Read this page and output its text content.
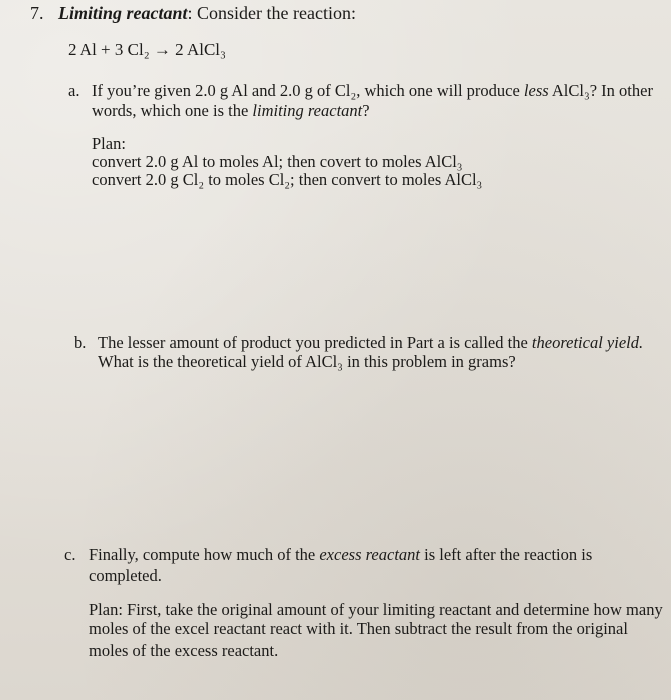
7. Limiting reactant: Consider the reaction:
2 Al + 3 Cl₂ → 2 AlCl₃
a. If you’re given 2.0 g Al and 2.0 g of Cl₂, which one will produce less AlCl₃? In other
words, which one is the limiting reactant?
Plan:
convert 2.0 g Al to moles Al; then covert to moles AlCl₃
convert 2.0 g Cl₂ to moles Cl₂; then convert to moles AlCl₃
b. The lesser amount of product you predicted in Part a is called the theoretical yield.
What is the theoretical yield of AlCl₃ in this problem in grams?
c. Finally, compute how much of the excess reactant is left after the reaction is
completed.
Plan: First, take the original amount of your limiting reactant and determine how many
moles of the excel reactant react with it. Then subtract the result from the original
moles of the excess reactant.
